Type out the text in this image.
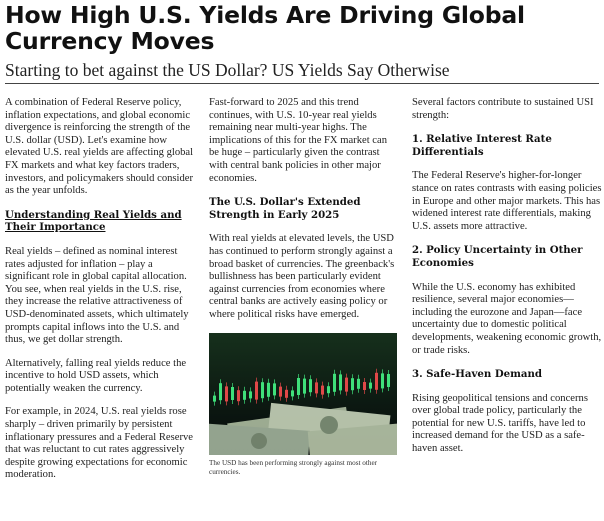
How High U.S. Yields Are Driving Global Currency Moves
Starting to bet against the US Dollar? US Yields Say Otherwise

A combination of Federal Reserve policy, inflation expectations, and global economic divergence is reinforcing the strength of the U.S. dollar (USD). Let's examine how elevated U.S. real yields are affecting global FX markets and what key factors traders, investors, and policymakers should consider as the year unfolds.

Understanding Real Yields and Their Importance

Real yields – defined as nominal interest rates adjusted for inflation – play a significant role in global capital allocation. You see, when real yields in the U.S. rise, they increase the relative attractiveness of USD-denominated assets, which ultimately prompts capital inflows into the U.S. and thus, we get dollar strength.

Alternatively, falling real yields reduce the incentive to hold USD assets, which potentially weaken the currency.

For example, in 2024, U.S. real yields rose sharply – driven primarily by persistent inflationary pressures and a Federal Reserve that was reluctant to cut rates aggressively despite growing expectations for economic moderation.

Fast-forward to 2025 and this trend continues, with U.S. 10-year real yields remaining near multi-year highs. The implications of this for the FX market can be huge – particularly given the contrast with central bank policies in other major economies.

The U.S. Dollar's Extended Strength in Early 2025

With real yields at elevated levels, the USD has continued to perform strongly against a broad basket of currencies. The greenback's bullishness has been particularly evident against currencies from economies where central banks are actively easing policy or where political risks have emerged.

The USD has been performing strongly against most other currencies.

Several factors contribute to sustained USI strength:

1. Relative Interest Rate Differentials

The Federal Reserve's higher-for-longer stance on rates contrasts with easing policies in Europe and other major markets. This has widened interest rate differentials, making U.S. assets more attractive.

2. Policy Uncertainty in Other Economies

While the U.S. economy has exhibited resilience, several major economies—including the eurozone and Japan—face uncertainty due to domestic political developments, weakening economic growth, or trade risks.

3. Safe-Haven Demand

Rising geopolitical tensions and concerns over global trade policy, particularly the potential for new U.S. tariffs, have led to increased demand for the USD as a safe-haven asset.
